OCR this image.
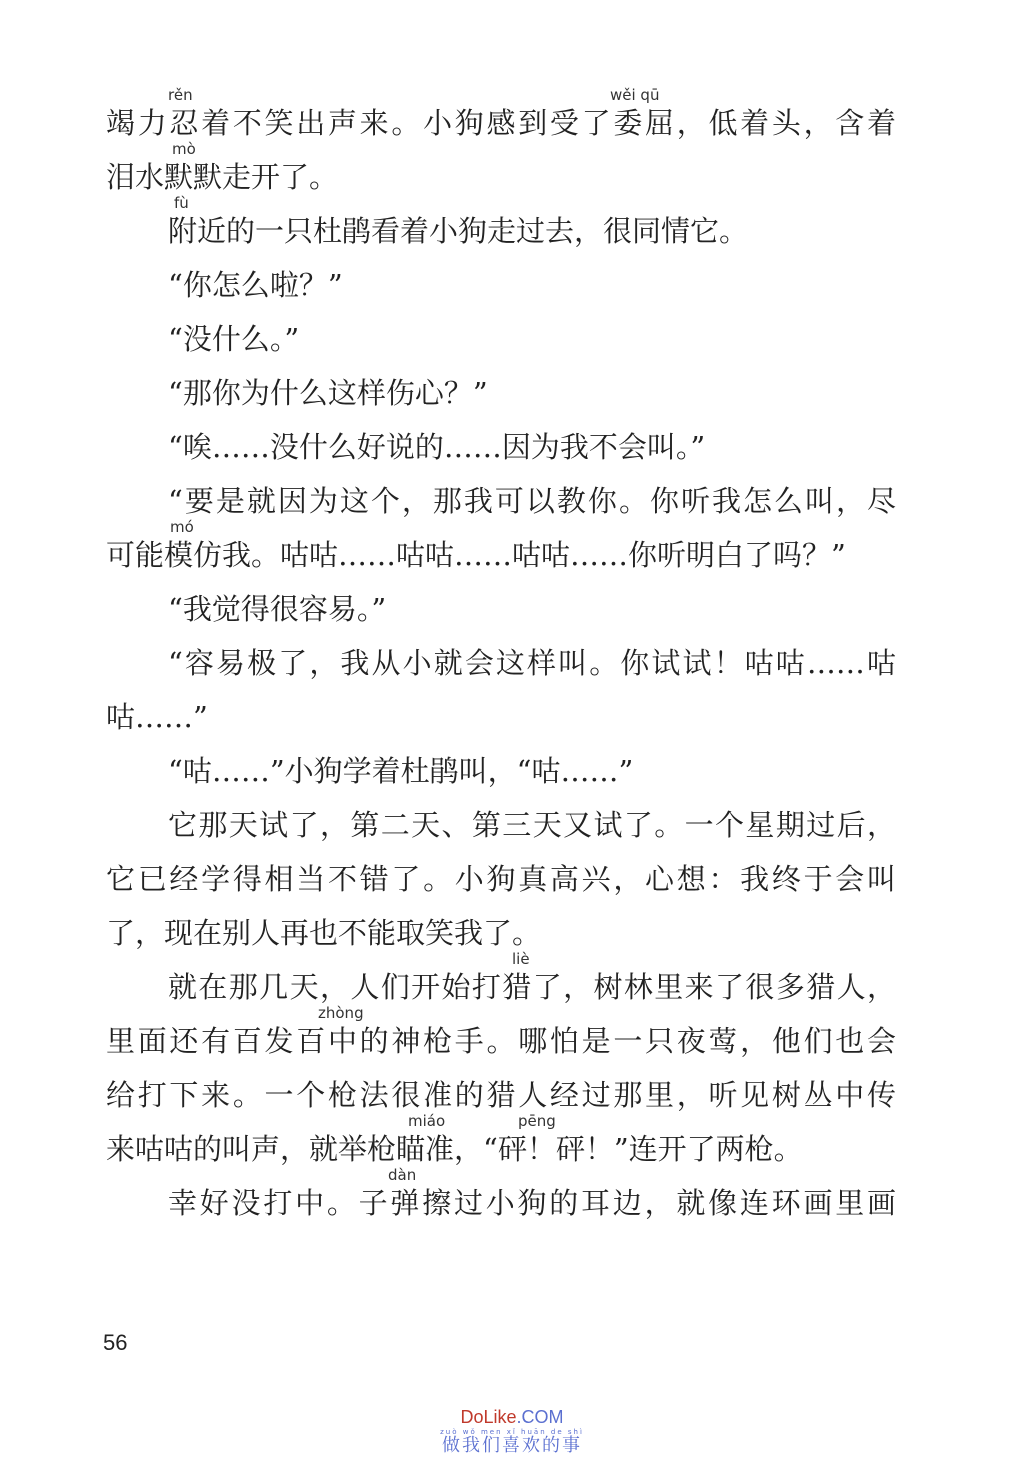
竭力忍着不笑出声来。小狗感到受了委屈，低着头，含着
rěn	wěi qū
泪水默默走开了。
mò
附近的一只杜鹃看着小狗走过去，很同情它。
fù
“你怎么啦？”
“没什么。”
“那你为什么这样伤心？”
“唉……没什么好说的……因为我不会叫。”
“要是就因为这个，那我可以教你。你听我怎么叫，尽
可能模仿我。咕咕……咕咕……咕咕……你听明白了吗？”
mó
“我觉得很容易。”
“容易极了，我从小就会这样叫。你试试！咕咕……咕
咕……”
“咕……”小狗学着杜鹃叫，“咕……”
它那天试了，第二天、第三天又试了。一个星期过后，
它已经学得相当不错了。小狗真高兴，心想：我终于会叫
了，现在别人再也不能取笑我了。
就在那几天，人们开始打猎了，树林里来了很多猎人，
liè
里面还有百发百中的神枪手。哪怕是一只夜莺，他们也会
zhòng
给打下来。一个枪法很准的猎人经过那里，听见树丛中传
来咕咕的叫声，就举枪瞄准，“砰！砰！”连开了两枪。
miáo	pēng
幸好没打中。子弹擦过小狗的耳边，就像连环画里画
dàn
56
DoLike.COM
zuò wǒ men xǐ huān de shì
做我们喜欢的事
